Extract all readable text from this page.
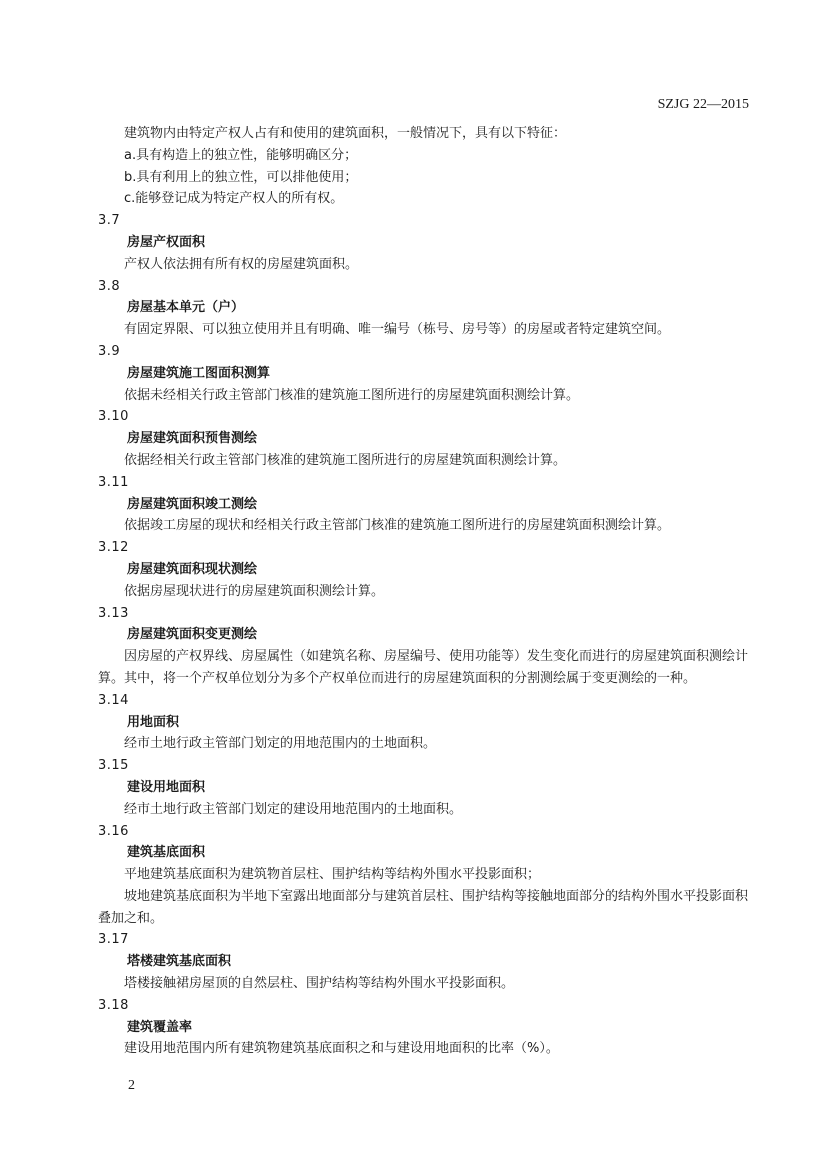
SZJG 22—2015

建筑物内由特定产权人占有和使用的建筑面积，一般情况下，具有以下特征：

a.具有构造上的独立性，能够明确区分；

b.具有利用上的独立性，可以排他使用；

c.能够登记成为特定产权人的所有权。

3.7

房屋产权面积

产权人依法拥有所有权的房屋建筑面积。

3.8

房屋基本单元（户）

有固定界限、可以独立使用并且有明确、唯一编号（栋号、房号等）的房屋或者特定建筑空间。

3.9

房屋建筑施工图面积测算

依据未经相关行政主管部门核准的建筑施工图所进行的房屋建筑面积测绘计算。

3.10

房屋建筑面积预售测绘

依据经相关行政主管部门核准的建筑施工图所进行的房屋建筑面积测绘计算。

3.11

房屋建筑面积竣工测绘

依据竣工房屋的现状和经相关行政主管部门核准的建筑施工图所进行的房屋建筑面积测绘计算。

3.12

房屋建筑面积现状测绘

依据房屋现状进行的房屋建筑面积测绘计算。

3.13

房屋建筑面积变更测绘

因房屋的产权界线、房屋属性（如建筑名称、房屋编号、使用功能等）发生变化而进行的房屋建筑面积测绘计算。其中，将一个产权单位划分为多个产权单位而进行的房屋建筑面积的分割测绘属于变更测绘的一种。

3.14

用地面积

经市土地行政主管部门划定的用地范围内的土地面积。

3.15

建设用地面积

经市土地行政主管部门划定的建设用地范围内的土地面积。

3.16

建筑基底面积

平地建筑基底面积为建筑物首层柱、围护结构等结构外围水平投影面积；

坡地建筑基底面积为半地下室露出地面部分与建筑首层柱、围护结构等接触地面部分的结构外围水平投影面积叠加之和。

3.17

塔楼建筑基底面积

塔楼接触裙房屋顶的自然层柱、围护结构等结构外围水平投影面积。

3.18

建筑覆盖率

建设用地范围内所有建筑物建筑基底面积之和与建设用地面积的比率（%）。

2
